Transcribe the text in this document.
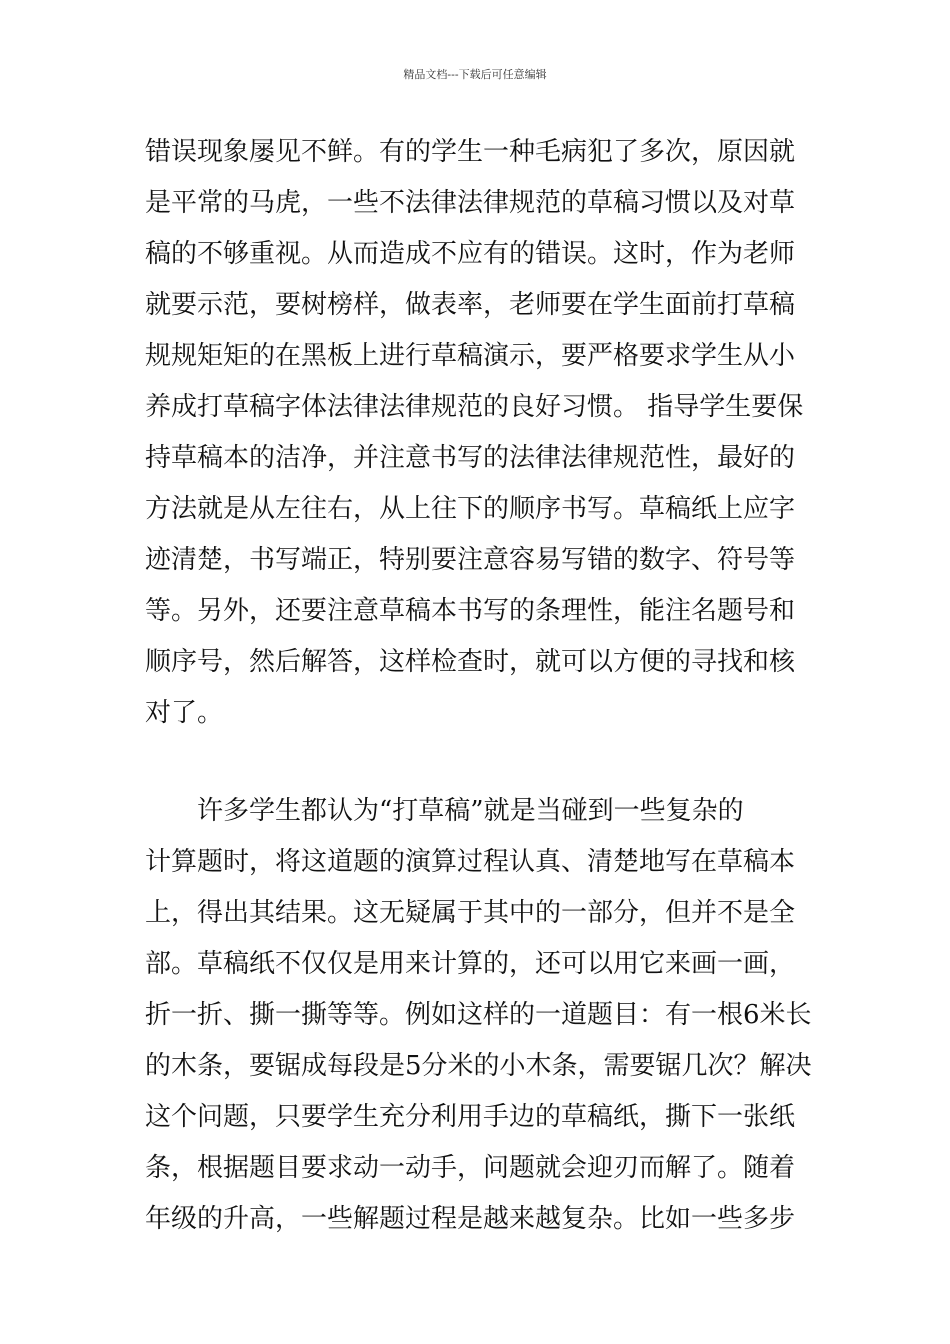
精品文档---下载后可任意编辑
错误现象屡见不鲜。有的学生一种毛病犯了多次，原因就
是平常的马虎，一些不法律法律规范的草稿习惯以及对草
稿的不够重视。从而造成不应有的错误。这时，作为老师
就要示范，要树榜样，做表率，老师要在学生面前打草稿
规规矩矩的在黑板上进行草稿演示，要严格要求学生从小
养成打草稿字体法律法律规范的良好习惯。 指导学生要保
持草稿本的洁净，并注意书写的法律法律规范性，最好的
方法就是从左往右，从上往下的顺序书写。草稿纸上应字
迹清楚，书写端正，特别要注意容易写错的数字、符号等
等。另外，还要注意草稿本书写的条理性，能注名题号和
顺序号，然后解答，这样检查时，就可以方便的寻找和核
对了。
许多学生都认为“打草稿”就是当碰到一些复杂的
计算题时，将这道题的演算过程认真、清楚地写在草稿本
上，得出其结果。这无疑属于其中的一部分，但并不是全
部。草稿纸不仅仅是用来计算的，还可以用它来画一画，
折一折、撕一撕等等。例如这样的一道题目：有一根6米长
的木条，要锯成每段是5分米的小木条，需要锯几次？解决
这个问题，只要学生充分利用手边的草稿纸，撕下一张纸
条，根据题目要求动一动手，问题就会迎刃而解了。随着
年级的升高，一些解题过程是越来越复杂。比如一些多步
